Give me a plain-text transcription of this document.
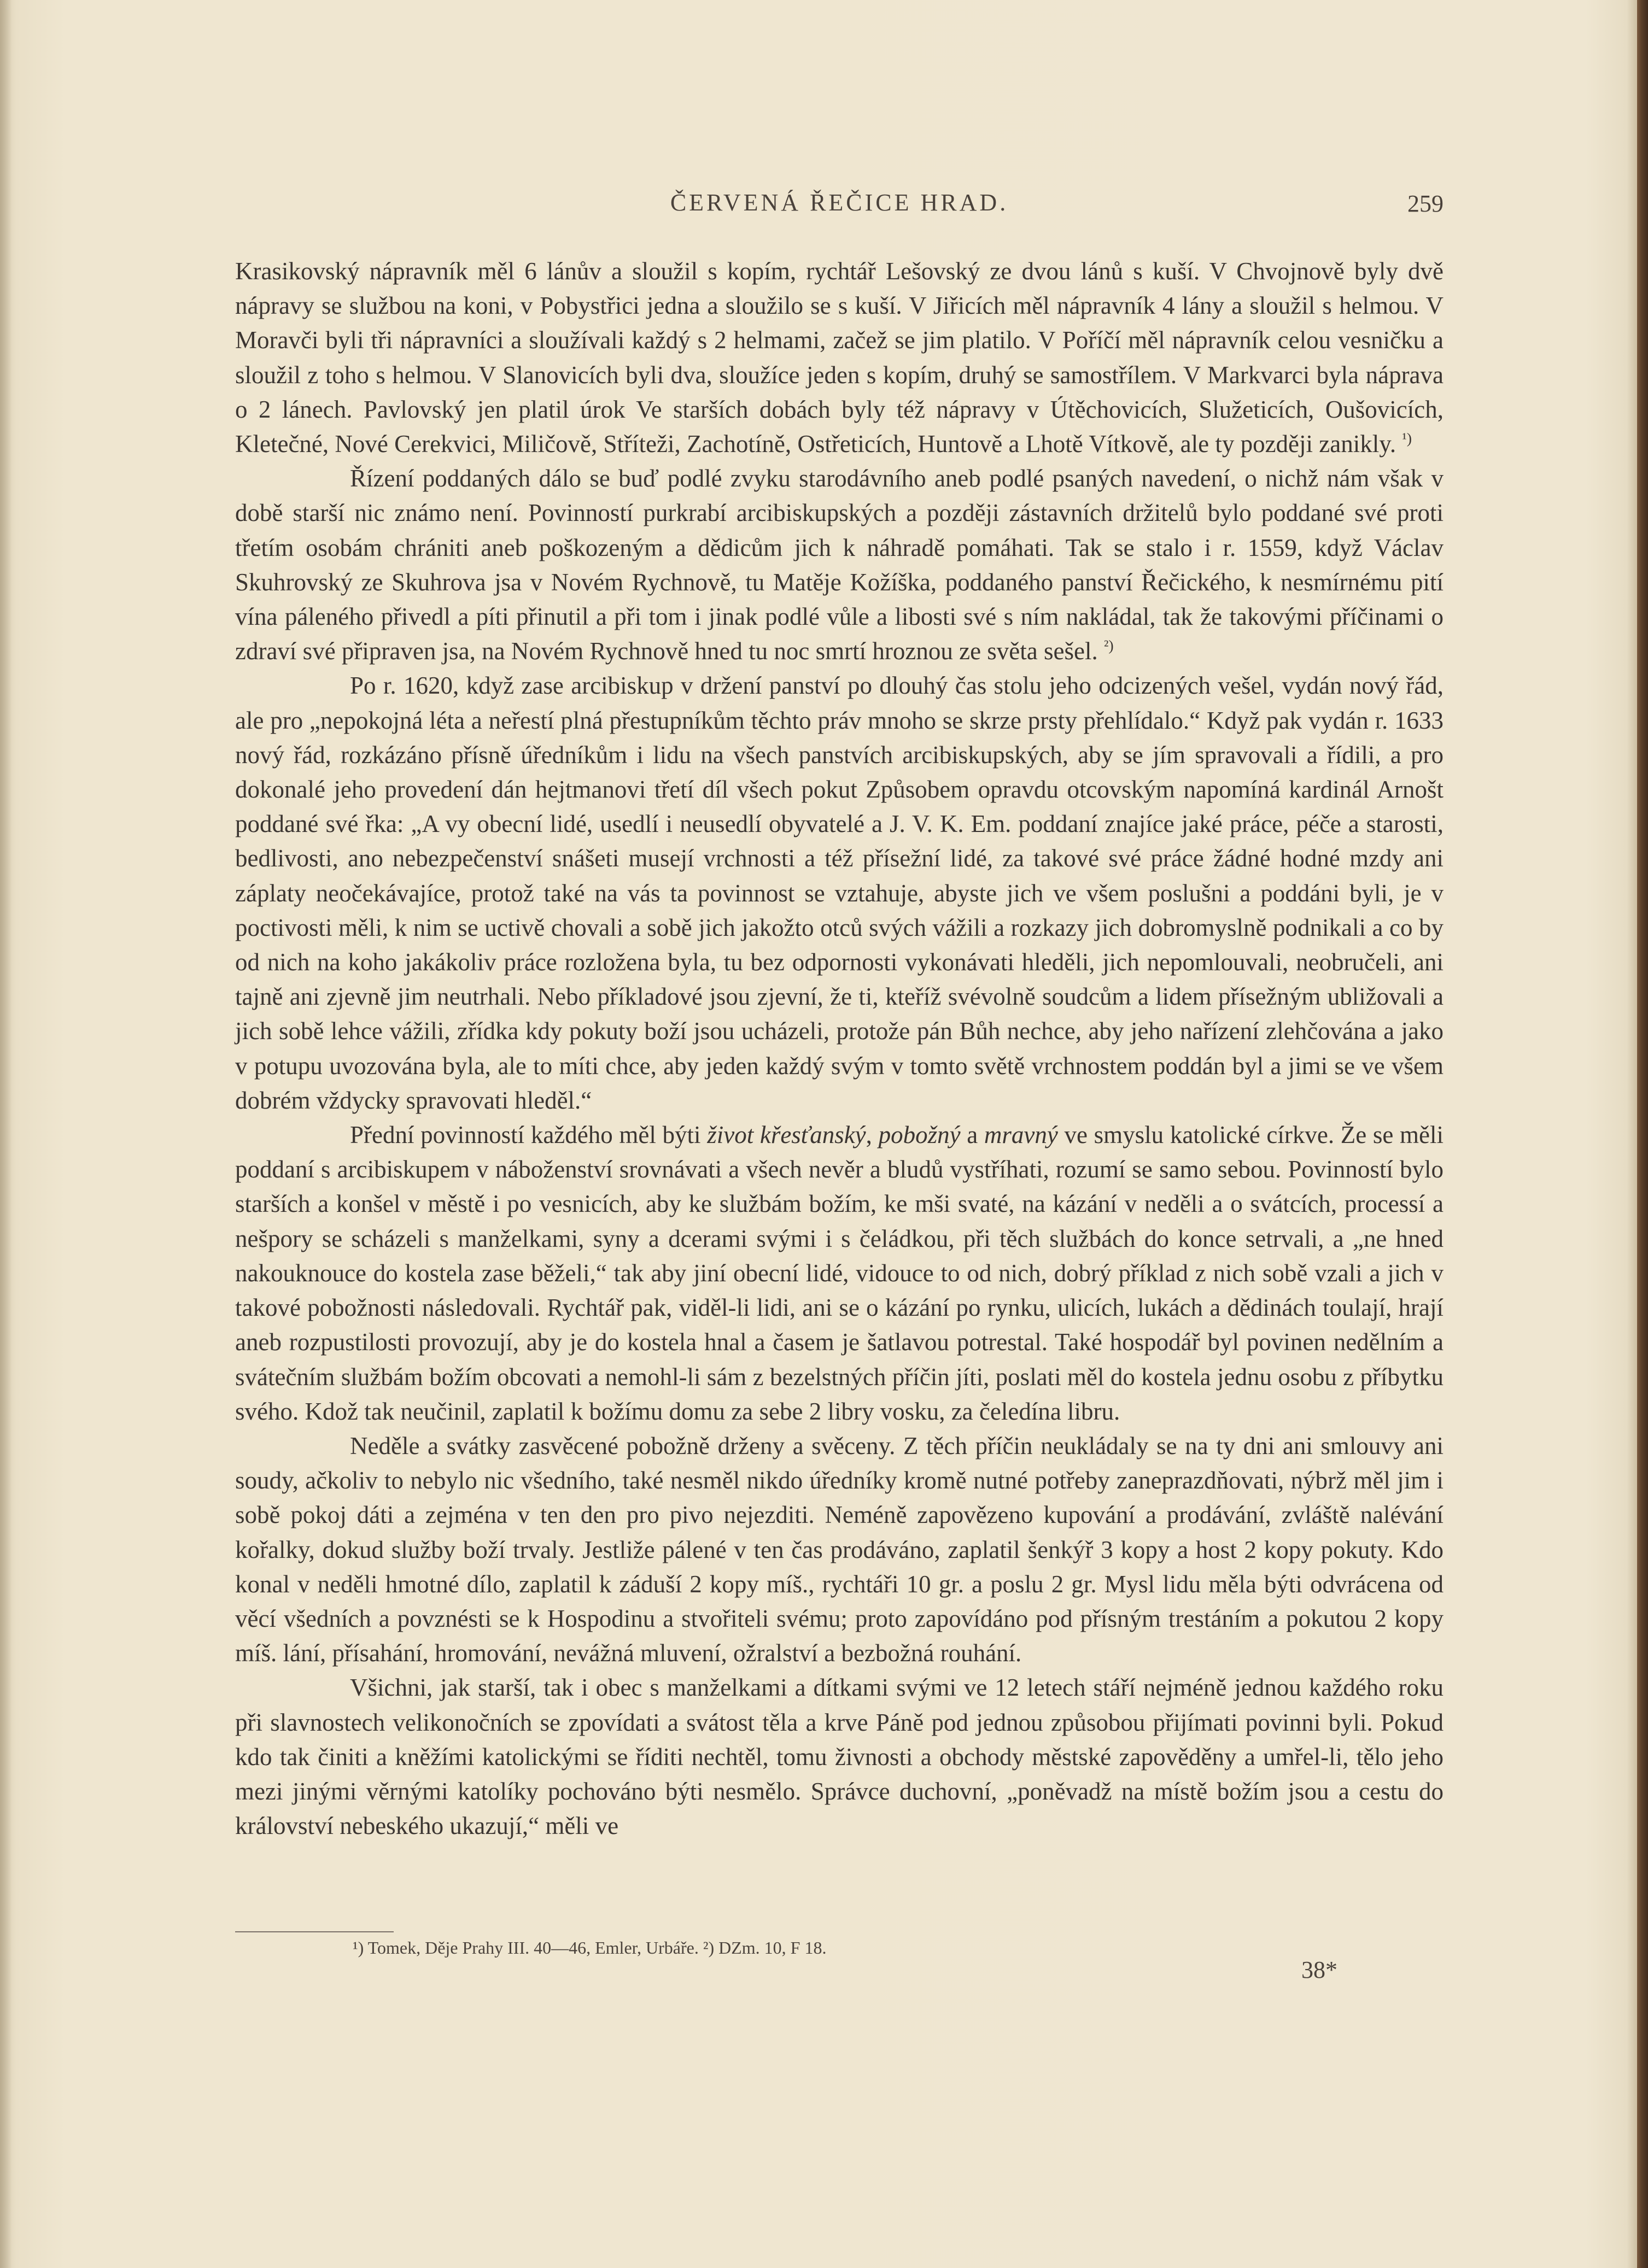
ČERVENÁ ŘEČICE HRAD.	259

Krasikovský nápravník měl 6 lánův a sloužil s kopím, rychtář Lešovský ze dvou lánů s kuší. V Chvojnově byly dvě nápravy se službou na koni, v Pobystřici jedna a sloužilo se s kuší. V Jiřicích měl nápravník 4 lány a sloužil s helmou. V Moravči byli tři nápravníci a sloužívali každý s 2 helmami, začež se jim platilo. V Poříčí měl nápravník celou vesničku a sloužil z toho s helmou. V Slanovicích byli dva, sloužíce jeden s kopím, druhý se samostřílem. V Markvarci byla náprava o 2 lánech. Pavlovský jen platil úrok Ve starších dobách byly též nápravy v Útěchovicích, Služeticích, Oušovicích, Kletečné, Nové Cerekvici, Miličově, Stříteži, Zachotíně, Ostřeticích, Huntově a Lhotě Vítkově, ale ty později zanikly. $^{^1)}$

Řízení poddaných dálo se buď podlé zvyku starodávního aneb podlé psaných navedení, o nichž nám však v době starší nic známo není. Povinností purkrabí arcibiskupských a později zástavních držitelů bylo poddané své proti třetím osobám chrániti aneb poškozeným a dědicům jich k náhradě pomáhati. Tak se stalo i r. 1559, když Václav Skuhrovský ze Skuhrova jsa v Novém Rychnově, tu Matěje Kožíška, poddaného panství Řečického, k nesmírnému pití vína páleného přivedl a píti přinutil a při tom i jinak podlé vůle a libosti své s ním nakládal, tak že takovými příčinami o zdraví své připraven jsa, na Novém Rychnově hned tu noc smrtí hroznou ze světa sešel. $^{^2)}$

Po r. 1620, když zase arcibiskup v držení panství po dlouhý čas stolu jeho odcizených vešel, vydán nový řád, ale pro „nepokojná léta a neřestí plná přestupníkům těchto práv mnoho se skrze prsty přehlídalo.“ Když pak vydán r. 1633 nový řád, rozkázáno přísně úředníkům i lidu na všech panstvích arcibiskupských, aby se jím spravovali a řídili, a pro dokonalé jeho provedení dán hejtmanovi třetí díl všech pokut Způsobem opravdu otcovským napomíná kardinál Arnošt poddané své řka: „A vy obecní lidé, usedlí i neusedlí obyvatelé a J. V. K. Em. poddaní znajíce jaké práce, péče a starosti, bedlivosti, ano nebezpečenství snášeti musejí vrchnosti a též přísežní lidé, za takové své práce žádné hodné mzdy ani záplaty neočekávajíce, protož také na vás ta povinnost se vztahuje, abyste jich ve všem poslušni a poddáni byli, je v poctivosti měli, k nim se uctivě chovali a sobě jich jakožto otců svých vážili a rozkazy jich dobromyslně podnikali a co by od nich na koho jakákoliv práce rozložena byla, tu bez odpornosti vykonávati hleděli, jich nepomlouvali, neobručeli, ani tajně ani zjevně jim neutrhali. Nebo příkladové jsou zjevní, že ti, kteříž svévolně soudcům a lidem přísežným ubližovali a jich sobě lehce vážili, zřídka kdy pokuty boží jsou ucházeli, protože pán Bůh nechce, aby jeho nařízení zlehčována a jako v potupu uvozována byla, ale to míti chce, aby jeden každý svým v tomto světě vrchnostem poddán byl a jimi se ve všem dobrém vždycky spravovati hleděl.“

Přední povinností každého měl býti život křesťanský, pobožný a mravný ve smyslu katolické církve. Že se měli poddaní s arcibiskupem v náboženství srovnávati a všech nevěr a bludů vystříhati, rozumí se samo sebou. Povinností bylo starších a konšel v městě i po vesnicích, aby ke službám božím, ke mši svaté, na kázání v neděli a o svátcích, processí a nešpory se scházeli s manželkami, syny a dcerami svými i s čeládkou, při těch službách do konce setrvali, a „ne hned nakouknouce do kostela zase běželi,“ tak aby jiní obecní lidé, vidouce to od nich, dobrý příklad z nich sobě vzali a jich v takové pobožnosti následovali. Rychtář pak, viděl-li lidi, ani se o kázání po rynku, ulicích, lukách a dědinách toulají, hrají aneb rozpustilosti provozují, aby je do kostela hnal a časem je šatlavou potrestal. Také hospodář byl povinen nedělním a svátečním službám božím obcovati a nemohl-li sám z bezelstných příčin jíti, poslati měl do kostela jednu osobu z příbytku svého. Kdož tak neučinil, zaplatil k božímu domu za sebe 2 libry vosku, za čeledína libru.

Neděle a svátky zasvěcené pobožně drženy a svěceny. Z těch příčin neukládaly se na ty dni ani smlouvy ani soudy, ačkoliv to nebylo nic všedního, také nesměl nikdo úředníky kromě nutné potřeby zaneprazdňovati, nýbrž měl jim i sobě pokoj dáti a zejména v ten den pro pivo nejezditi. Neméně zapovězeno kupování a prodávání, zvláště nalévání kořalky, dokud služby boží trvaly. Jestliže pálené v ten čas prodáváno, zaplatil šenkýř 3 kopy a host 2 kopy pokuty. Kdo konal v neděli hmotné dílo, zaplatil k záduší 2 kopy míš., rychtáři 10 gr. a poslu 2 gr. Mysl lidu měla býti odvrácena od věcí všedních a povznésti se k Hospodinu a stvořiteli svému; proto zapovídáno pod přísným trestáním a pokutou 2 kopy míš. lání, přísahání, hromování, nevážná mluvení, ožralství a bezbožná rouhání.

Všichni, jak starší, tak i obec s manželkami a dítkami svými ve 12 letech stáří nejméně jednou každého roku při slavnostech velikonočních se zpovídati a svátost těla a krve Páně pod jednou způsobou přijímati povinni byli. Pokud kdo tak činiti a kněžími katolickými se říditi nechtěl, tomu živnosti a obchody městské zapověděny a umřel-li, tělo jeho mezi jinými věrnými katolíky pochováno býti nesmělo. Správce duchovní, „poněvadž na místě božím jsou a cestu do království nebeského ukazují,“ měli ve

¹) Tomek, Děje Prahy III. 40—46, Emler, Urbáře. ²) DZm. 10, F 18.
38*
